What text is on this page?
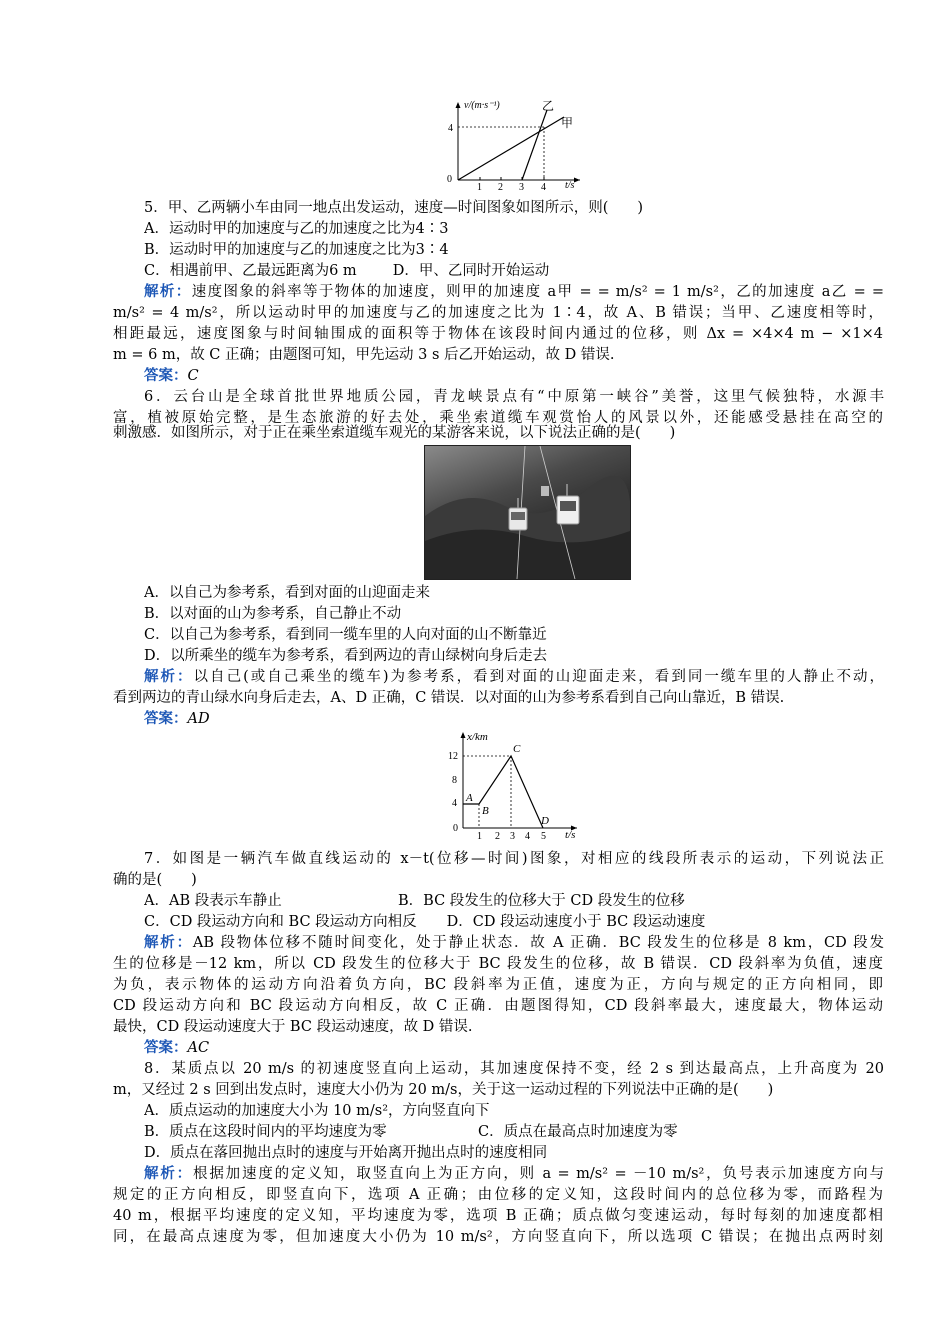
v/(m·s⁻¹)
t/s
0
4
乙
甲
1 2 3 4
5．甲、乙两辆小车由同一地点出发运动，速度—时间图象如图所示，则(　　)
A．运动时甲的加速度与乙的加速度之比为4∶3
B．运动时甲的加速度与乙的加速度之比为3∶4
C．相遇前甲、乙最远距离为6 m D．甲、乙同时开始运动
解析：速度图象的斜率等于物体的加速度，则甲的加速度 a甲 = = m/s² = 1 m/s²，乙的加速度 a乙 = =
m/s² = 4 m/s²，所以运动时甲的加速度与乙的加速度之比为 1∶4，故 A、B 错误；当甲、乙速度相等时，
相距最远，速度图象与时间轴围成的面积等于物体在该段时间内通过的位移，则 Δx = ×4×4 m − ×1×4
m = 6 m，故 C 正确；由题图可知，甲先运动 3 s 后乙开始运动，故 D 错误.
答案：C
6．云台山是全球首批世界地质公园，青龙峡景点有“中原第一峡谷”美誉，这里气候独特，水源丰
富，植被原始完整，是生态旅游的好去处，乘坐索道缆车观赏怡人的风景以外，还能感受悬挂在高空的
刺激感．如图所示，对于正在乘坐索道缆车观光的某游客来说，以下说法正确的是(　　)
A．以自己为参考系，看到对面的山迎面走来
B．以对面的山为参考系，自己静止不动
C．以自己为参考系，看到同一缆车里的人向对面的山不断靠近
D．以所乘坐的缆车为参考系，看到两边的青山绿树向身后走去
解析：以自己(或自己乘坐的缆车)为参考系，看到对面的山迎面走来，看到同一缆车里的人静止不动，
看到两边的青山绿水向身后走去，A、D 正确，C 错误．以对面的山为参考系看到自己向山靠近，B 错误.
答案：AD
x/km
t/s
0
4
8
12
1 2 3 4 5
A
B
C
D
7．如图是一辆汽车做直线运动的 x－t(位移—时间)图象，对相应的线段所表示的运动，下列说法正
确的是(　　)
A．AB 段表示车静止	B．BC 段发生的位移大于 CD 段发生的位移
C．CD 段运动方向和 BC 段运动方向相反 D．CD 段运动速度小于 BC 段运动速度
解析：AB 段物体位移不随时间变化，处于静止状态．故 A 正确．BC 段发生的位移是 8 km，CD 段发
生的位移是－12 km，所以 CD 段发生的位移大于 BC 段发生的位移，故 B 错误．CD 段斜率为负值，速度
为负，表示物体的运动方向沿着负方向，BC 段斜率为正值，速度为正，方向与规定的正方向相同，即
CD 段运动方向和 BC 段运动方向相反，故 C 正确．由题图得知，CD 段斜率最大，速度最大，物体运动
最快，CD 段运动速度大于 BC 段运动速度，故 D 错误.
答案：AC
8．某质点以 20 m/s 的初速度竖直向上运动，其加速度保持不变，经 2 s 到达最高点，上升高度为 20
m，又经过 2 s 回到出发点时，速度大小仍为 20 m/s，关于这一运动过程的下列说法中正确的是(　　)
A．质点运动的加速度大小为 10 m/s²，方向竖直向下
B．质点在这段时间内的平均速度为零	C．质点在最高点时加速度为零
D．质点在落回抛出点时的速度与开始离开抛出点时的速度相同
解析：根据加速度的定义知，取竖直向上为正方向，则 a = m/s² = －10 m/s²，负号表示加速度方向与
规定的正方向相反，即竖直向下，选项 A 正确；由位移的定义知，这段时间内的总位移为零，而路程为
40 m，根据平均速度的定义知，平均速度为零，选项 B 正确；质点做匀变速运动，每时每刻的加速度都相
同，在最高点速度为零，但加速度大小仍为 10 m/s²，方向竖直向下，所以选项 C 错误；在抛出点两时刻
